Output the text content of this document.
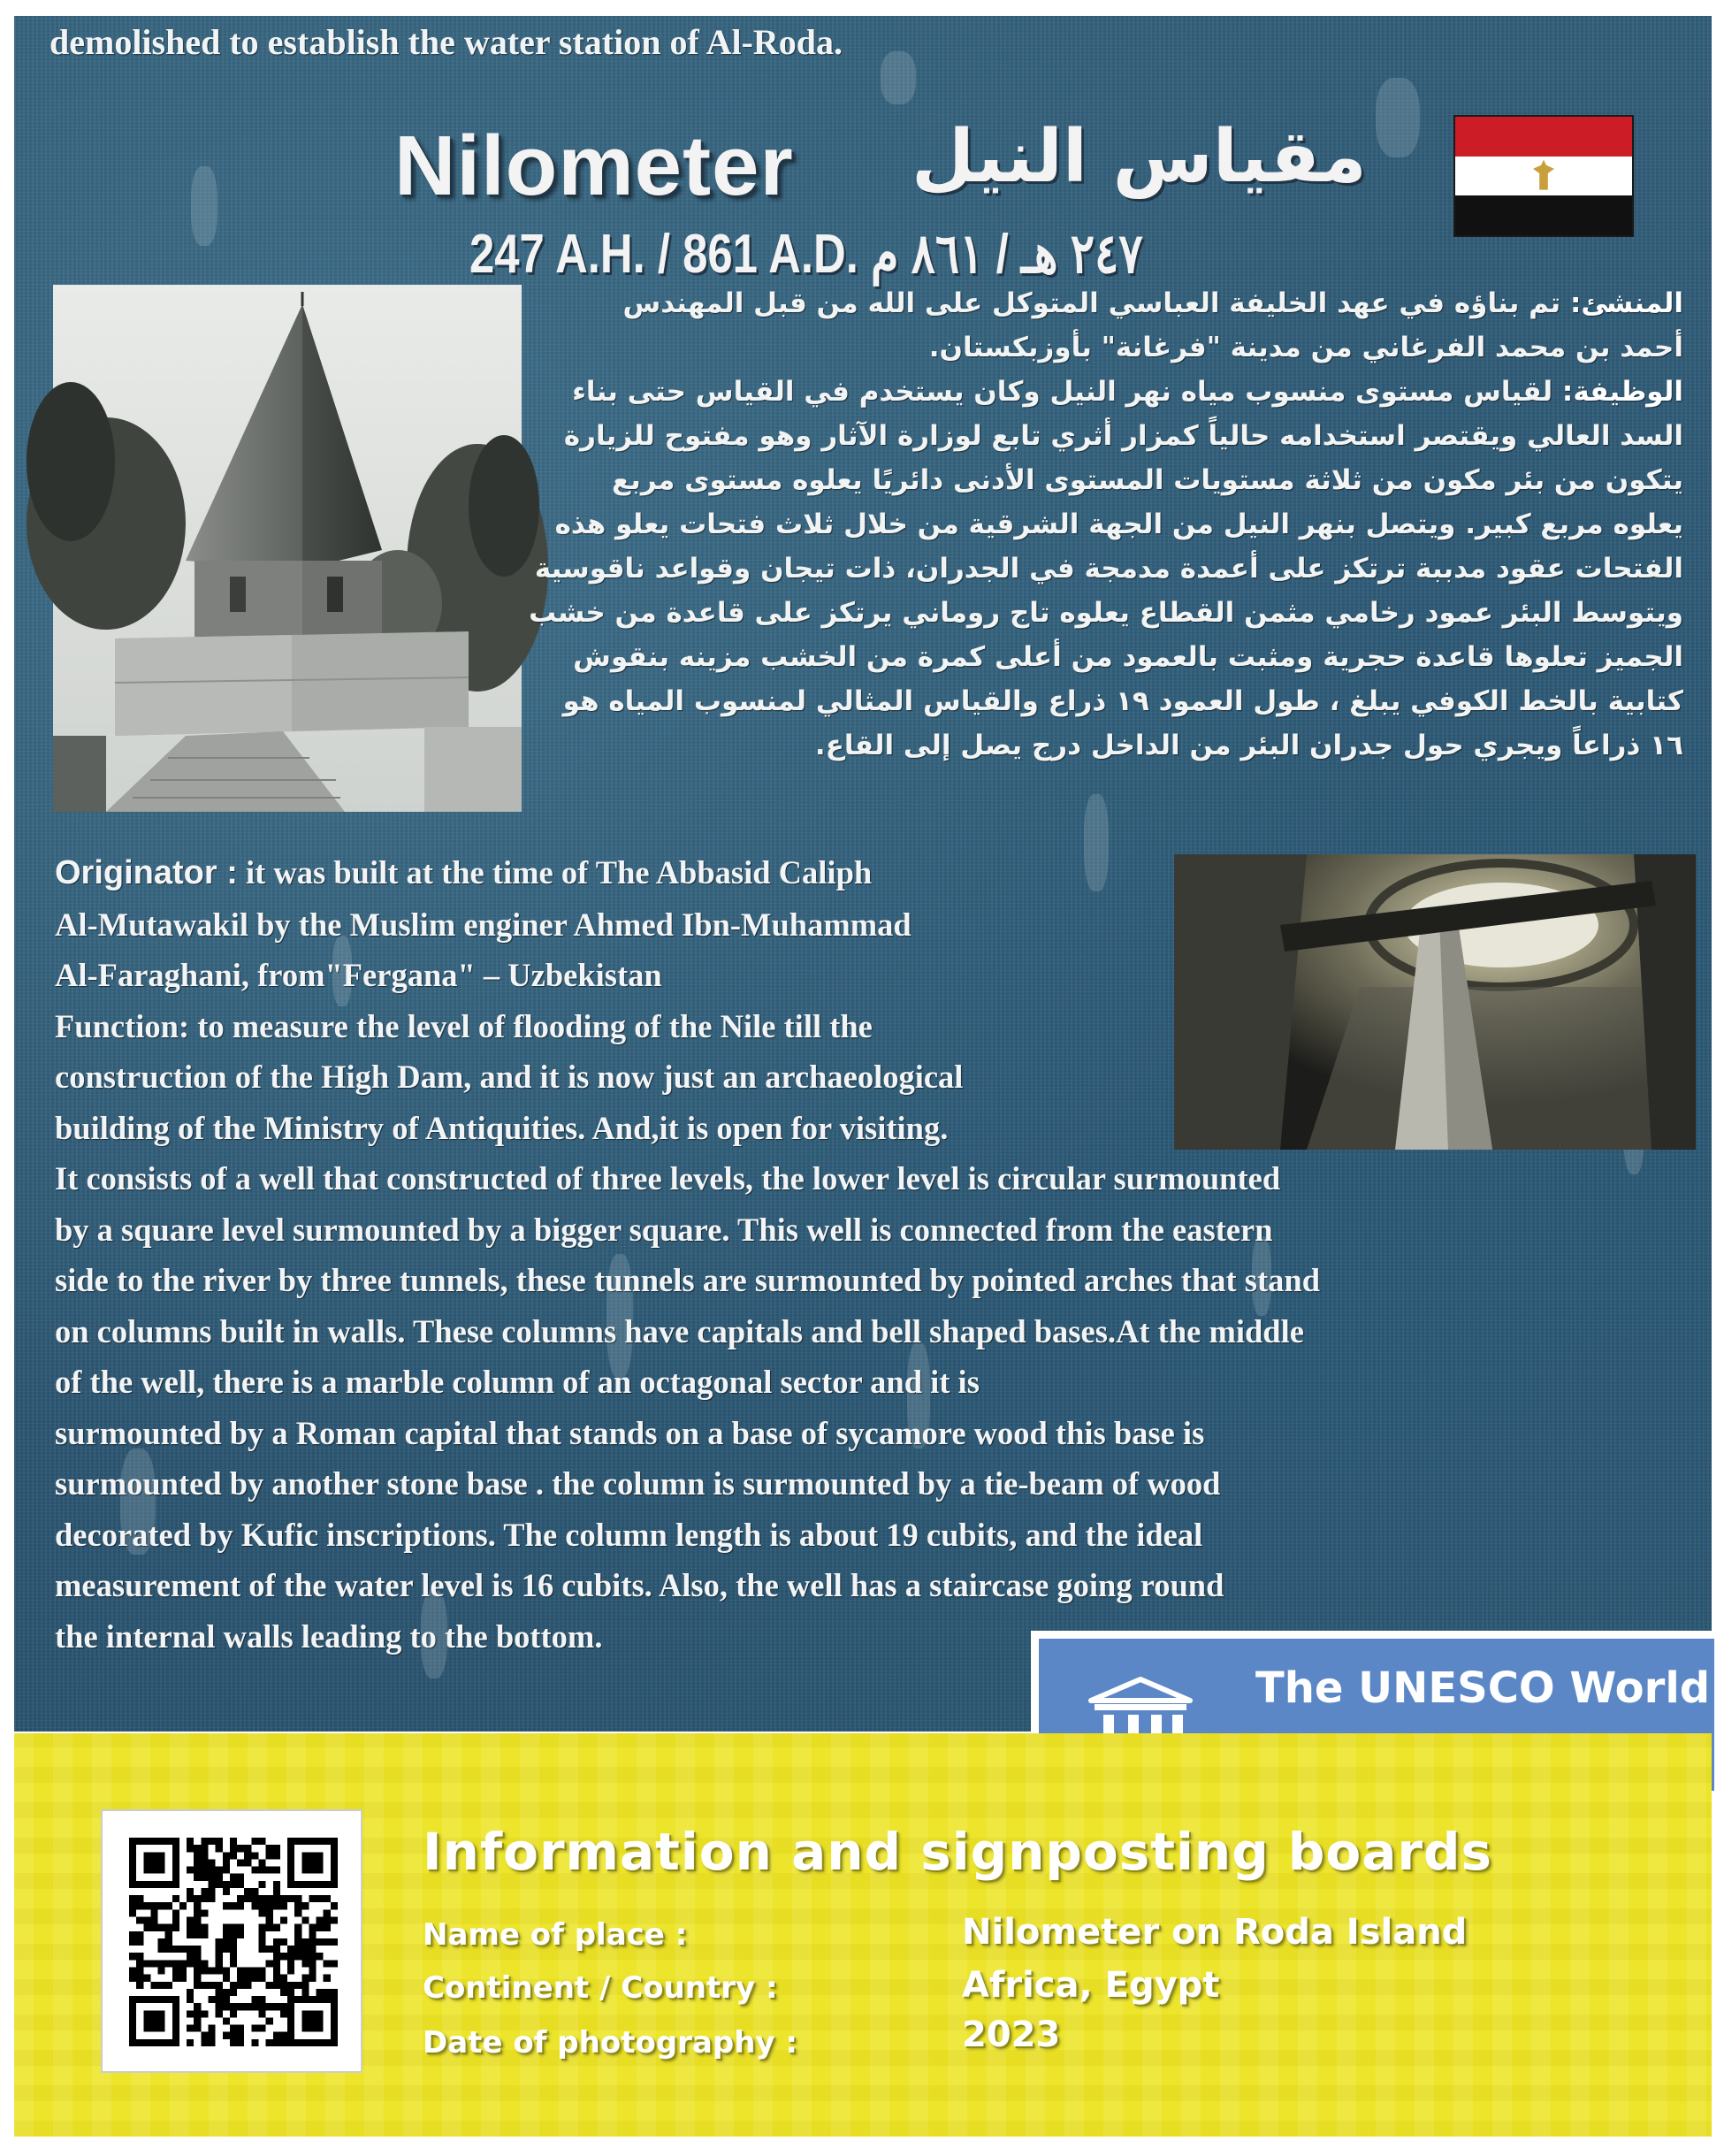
demolished to establish the water station of Al-Roda.
Nilometer مقياس النيل
247 A.H. / 861 A.D. ٢٤٧ هـ / ٨٦١ م
المنشئ: تم بناؤه في عهد الخليفة العباسي المتوكل على الله من قبل المهندس
أحمد بن محمد الفرغاني من مدينة "فرغانة" بأوزبكستان.
الوظيفة: لقياس مستوى منسوب مياه نهر النيل وكان يستخدم في القياس حتى بناء
السد العالي ويقتصر استخدامه حالياً كمزار أثري تابع لوزارة الآثار وهو مفتوح للزيارة
يتكون من بئر مكون من ثلاثة مستويات المستوى الأدنى دائريًا يعلوه مستوى مربع
يعلوه مربع كبير. ويتصل بنهر النيل من الجهة الشرقية من خلال ثلاث فتحات يعلو هذه
الفتحات عقود مدببة ترتكز على أعمدة مدمجة في الجدران، ذات تيجان وقواعد ناقوسية
ويتوسط البئر عمود رخامي مثمن القطاع يعلوه تاج روماني يرتكز على قاعدة من خشب
الجميز تعلوها قاعدة حجرية ومثبت بالعمود من أعلى كمرة من الخشب مزينه بنقوش
كتابية بالخط الكوفي يبلغ ، طول العمود ١٩ ذراع والقياس المثالي لمنسوب المياه هو
١٦ ذراعاً ويجري حول جدران البئر من الداخل درج يصل إلى القاع.
Originator : it was built at the time of The Abbasid Caliph
Al-Mutawakil by the Muslim enginer Ahmed Ibn-Muhammad
Al-Faraghani, from"Fergana" – Uzbekistan
Function: to measure the level of flooding of the Nile till the
construction of the High Dam, and it is now just an archaeological
building of the Ministry of Antiquities. And,it is open for visiting.
It consists of a well that constructed of three levels, the lower level is circular surmounted
by a square level surmounted by a bigger square. This well is connected from the eastern
side to the river by three tunnels, these tunnels are surmounted by pointed arches that stand
on columns built in walls. These columns have capitals and bell shaped bases.At the middle
of the well, there is a marble column of an octagonal sector and it is
surmounted by a Roman capital that stands on a base of sycamore wood this base is
surmounted by another stone base . the column is surmounted by a tie-beam of wood
decorated by Kufic inscriptions. The column length is about 19 cubits, and the ideal
measurement of the water level is 16 cubits. Also, the well has a staircase going round
the internal walls leading to the bottom.
The UNESCO World
Information and signposting boards
Name of place :	Nilometer on Roda Island
Continent / Country :	Africa, Egypt
Date of photography :	2023
